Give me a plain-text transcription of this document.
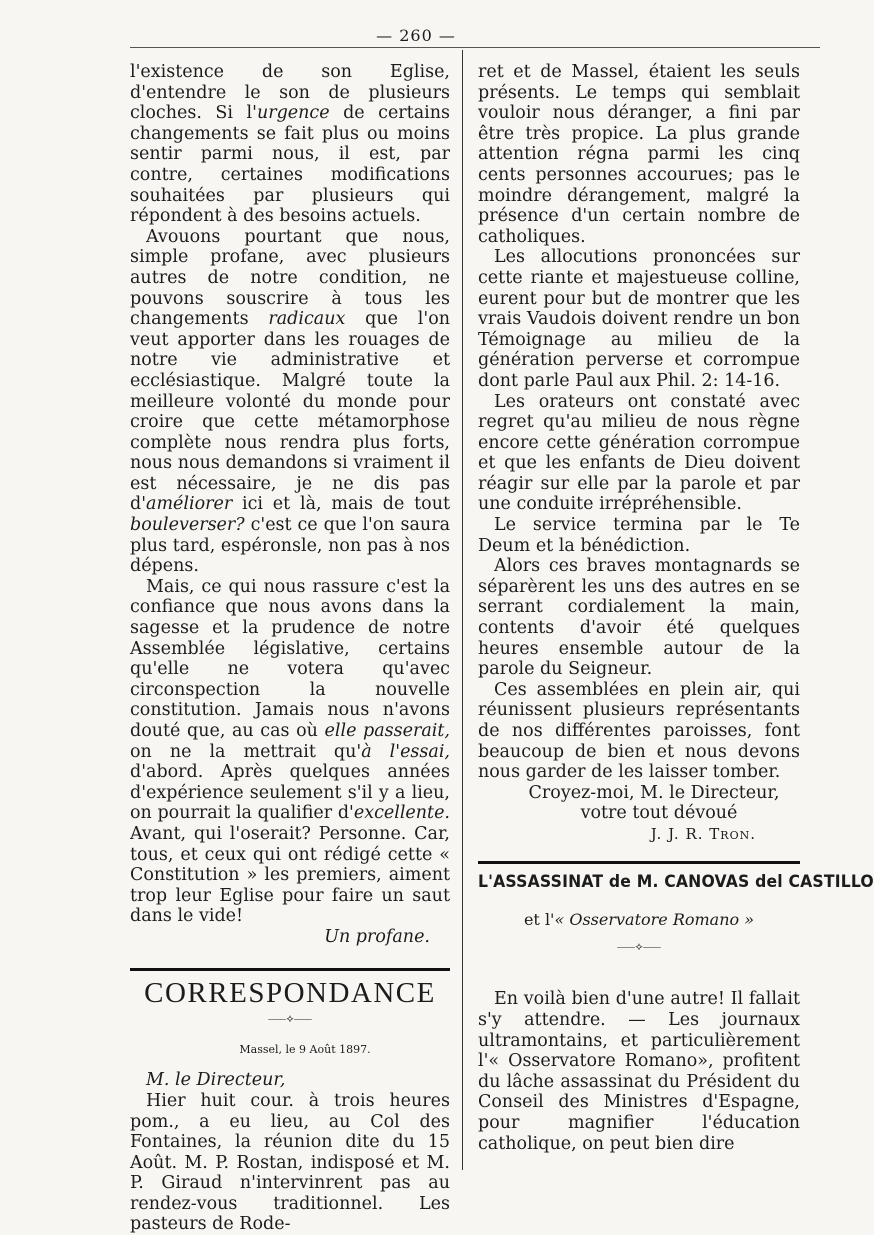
— 260 —

l'existence de son Eglise, d'entendre le son de plusieurs cloches. Si l'urgence de certains changements se fait plus ou moins sentir parmi nous, il est, par contre, certaines modifications souhaitées par plusieurs qui répondent à des besoins actuels.

Avouons pourtant que nous, simple profane, avec plusieurs autres de notre condition, ne pouvons souscrire à tous les changements radicaux que l'on veut apporter dans les rouages de notre vie administrative et ecclésiastique. Malgré toute la meilleure volonté du monde pour croire que cette métamorphose complète nous rendra plus forts, nous nous demandons si vraiment il est nécessaire, je ne dis pas d'améliorer ici et là, mais de tout bouleverser? c'est ce que l'on saura plus tard, espéronsle, non pas à nos dépens.

Mais, ce qui nous rassure c'est la confiance que nous avons dans la sagesse et la prudence de notre Assemblée législative, certains qu'elle ne votera qu'avec circonspection la nouvelle constitution. Jamais nous n'avons douté que, au cas où elle passerait, on ne la mettrait qu'à l'essai, d'abord. Après quelques années d'expérience seulement s'il y a lieu, on pourrait la qualifier d'excellente. Avant, qui l'oserait? Personne. Car, tous, et ceux qui ont rédigé cette « Constitution » les premiers, aiment trop leur Eglise pour faire un saut dans le vide!

Un profane.

CORRESPONDANCE
⸺⟡⸺
Massel, le 9 Août 1897.

M. le Directeur,

Hier huit cour. à trois heures pom., a eu lieu, au Col des Fontaines, la réunion dite du 15 Août. M. P. Rostan, indisposé et M. P. Giraud n'intervinrent pas au rendez-vous traditionnel. Les pasteurs de Rode-

ret et de Massel, étaient les seuls présents. Le temps qui semblait vouloir nous déranger, a fini par être très propice. La plus grande attention régna parmi les cinq cents personnes accourues; pas le moindre dérangement, malgré la présence d'un certain nombre de catholiques.

Les allocutions prononcées sur cette riante et majestueuse colline, eurent pour but de montrer que les vrais Vaudois doivent rendre un bon Témoignage au milieu de la génération perverse et corrompue dont parle Paul aux Phil. 2: 14-16.

Les orateurs ont constaté avec regret qu'au milieu de nous règne encore cette génération corrompue et que les enfants de Dieu doivent réagir sur elle par la parole et par une conduite irrépréhensible.

Le service termina par le Te Deum et la bénédiction.

Alors ces braves montagnards se séparèrent les uns des autres en se serrant cordialement la main, contents d'avoir été quelques heures ensemble autour de la parole du Seigneur.

Ces assemblées en plein air, qui réunissent plusieurs représentants de nos différentes paroisses, font beaucoup de bien et nous devons nous garder de les laisser tomber.

Croyez-moi, M. le Directeur,

votre tout dévoué

J. J. R. Tron.

L'ASSASSINAT de M. CANOVAS del CASTILLO
et l'« Osservatore Romano »
⸺⟡⸺

En voilà bien d'une autre! Il fallait s'y attendre. — Les journaux ultramontains, et particulièrement l'« Osservatore Romano», profitent du lâche assassinat du Président du Conseil des Ministres d'Espagne, pour magnifier l'éducation catholique, on peut bien dire
